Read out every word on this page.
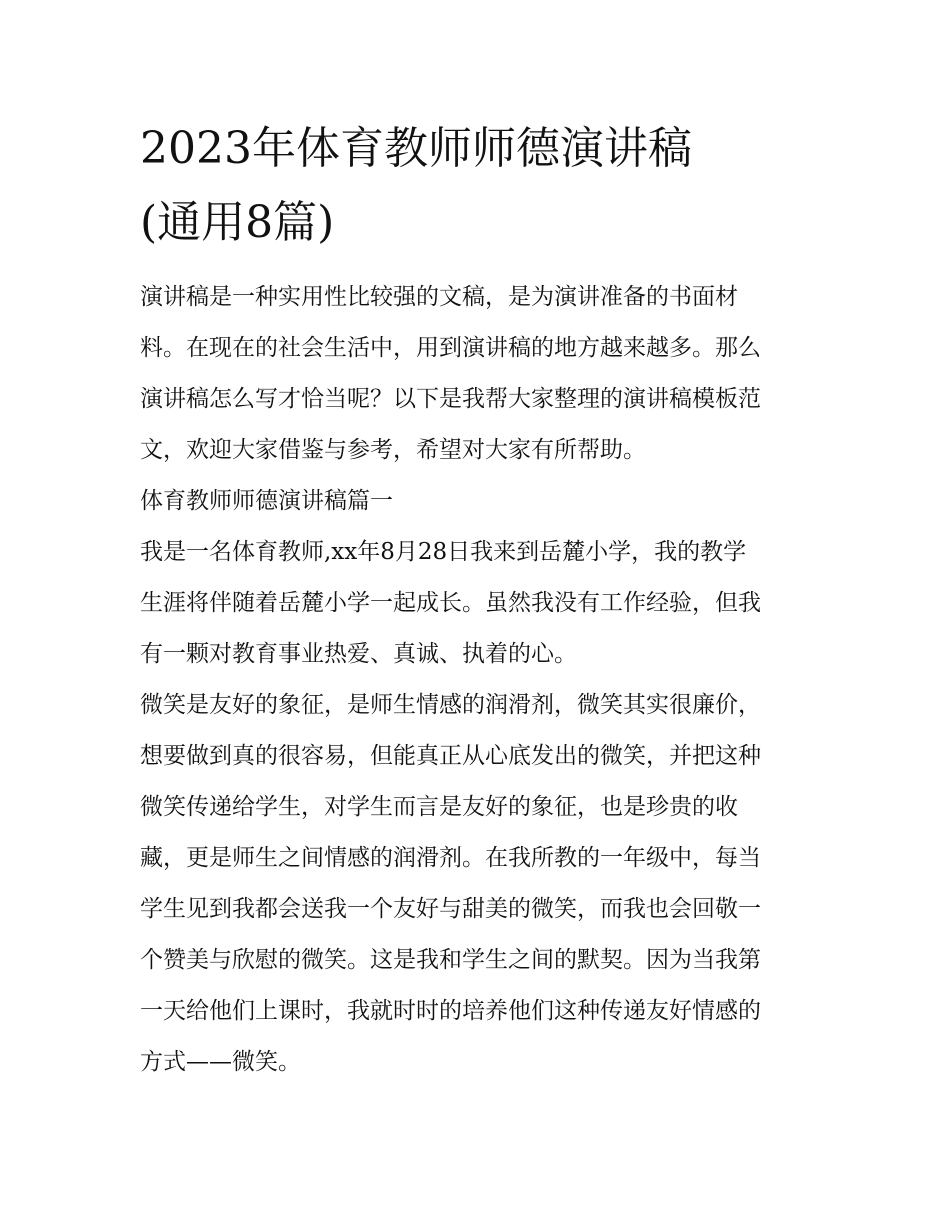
2023年体育教师师德演讲稿
(通用8篇)

演讲稿是一种实用性比较强的文稿，是为演讲准备的书面材
料。在现在的社会生活中，用到演讲稿的地方越来越多。那么
演讲稿怎么写才恰当呢？以下是我帮大家整理的演讲稿模板范
文，欢迎大家借鉴与参考，希望对大家有所帮助。

体育教师师德演讲稿篇一

我是一名体育教师,xx年8月28日我来到岳麓小学，我的教学
生涯将伴随着岳麓小学一起成长。虽然我没有工作经验，但我
有一颗对教育事业热爱、真诚、执着的心。

微笑是友好的象征，是师生情感的润滑剂，微笑其实很廉价，
想要做到真的很容易，但能真正从心底发出的微笑，并把这种
微笑传递给学生，对学生而言是友好的象征，也是珍贵的收
藏，更是师生之间情感的润滑剂。在我所教的一年级中，每当
学生见到我都会送我一个友好与甜美的微笑，而我也会回敬一
个赞美与欣慰的微笑。这是我和学生之间的默契。因为当我第
一天给他们上课时，我就时时的培养他们这种传递友好情感的
方式——微笑。
